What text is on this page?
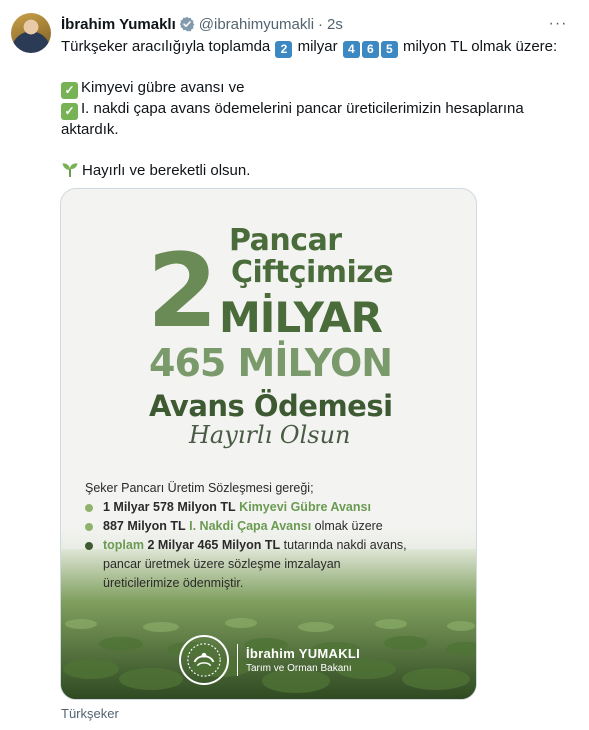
İbrahim Yumaklı @ibrahimyumakli · 2s	···
Türkşeker aracılığıyla toplamda 2 milyar 4 6 5 milyon TL olmak üzere:
✓ Kimyevi gübre avansı ve
✓ I. nakdi çapa avans ödemelerini pancar üreticilerimizin hesaplarına aktardık.
Hayırlı ve bereketli olsun.
Pancar
Çiftçimize
2 MİLYAR
465 MİLYON
Avans Ödemesi
Hayırlı Olsun
Şeker Pancarı Üretim Sözleşmesi gereği;
1 Milyar 578 Milyon TL Kimyevi Gübre Avansı
887 Milyon TL I. Nakdi Çapa Avansı olmak üzere
toplam 2 Milyar 465 Milyon TL tutarında nakdi avans,
pancar üretmek üzere sözleşme imzalayan
üreticilerimize ödenmiştir.
İbrahim YUMAKLI
Tarım ve Orman Bakanı
Türkşeker
